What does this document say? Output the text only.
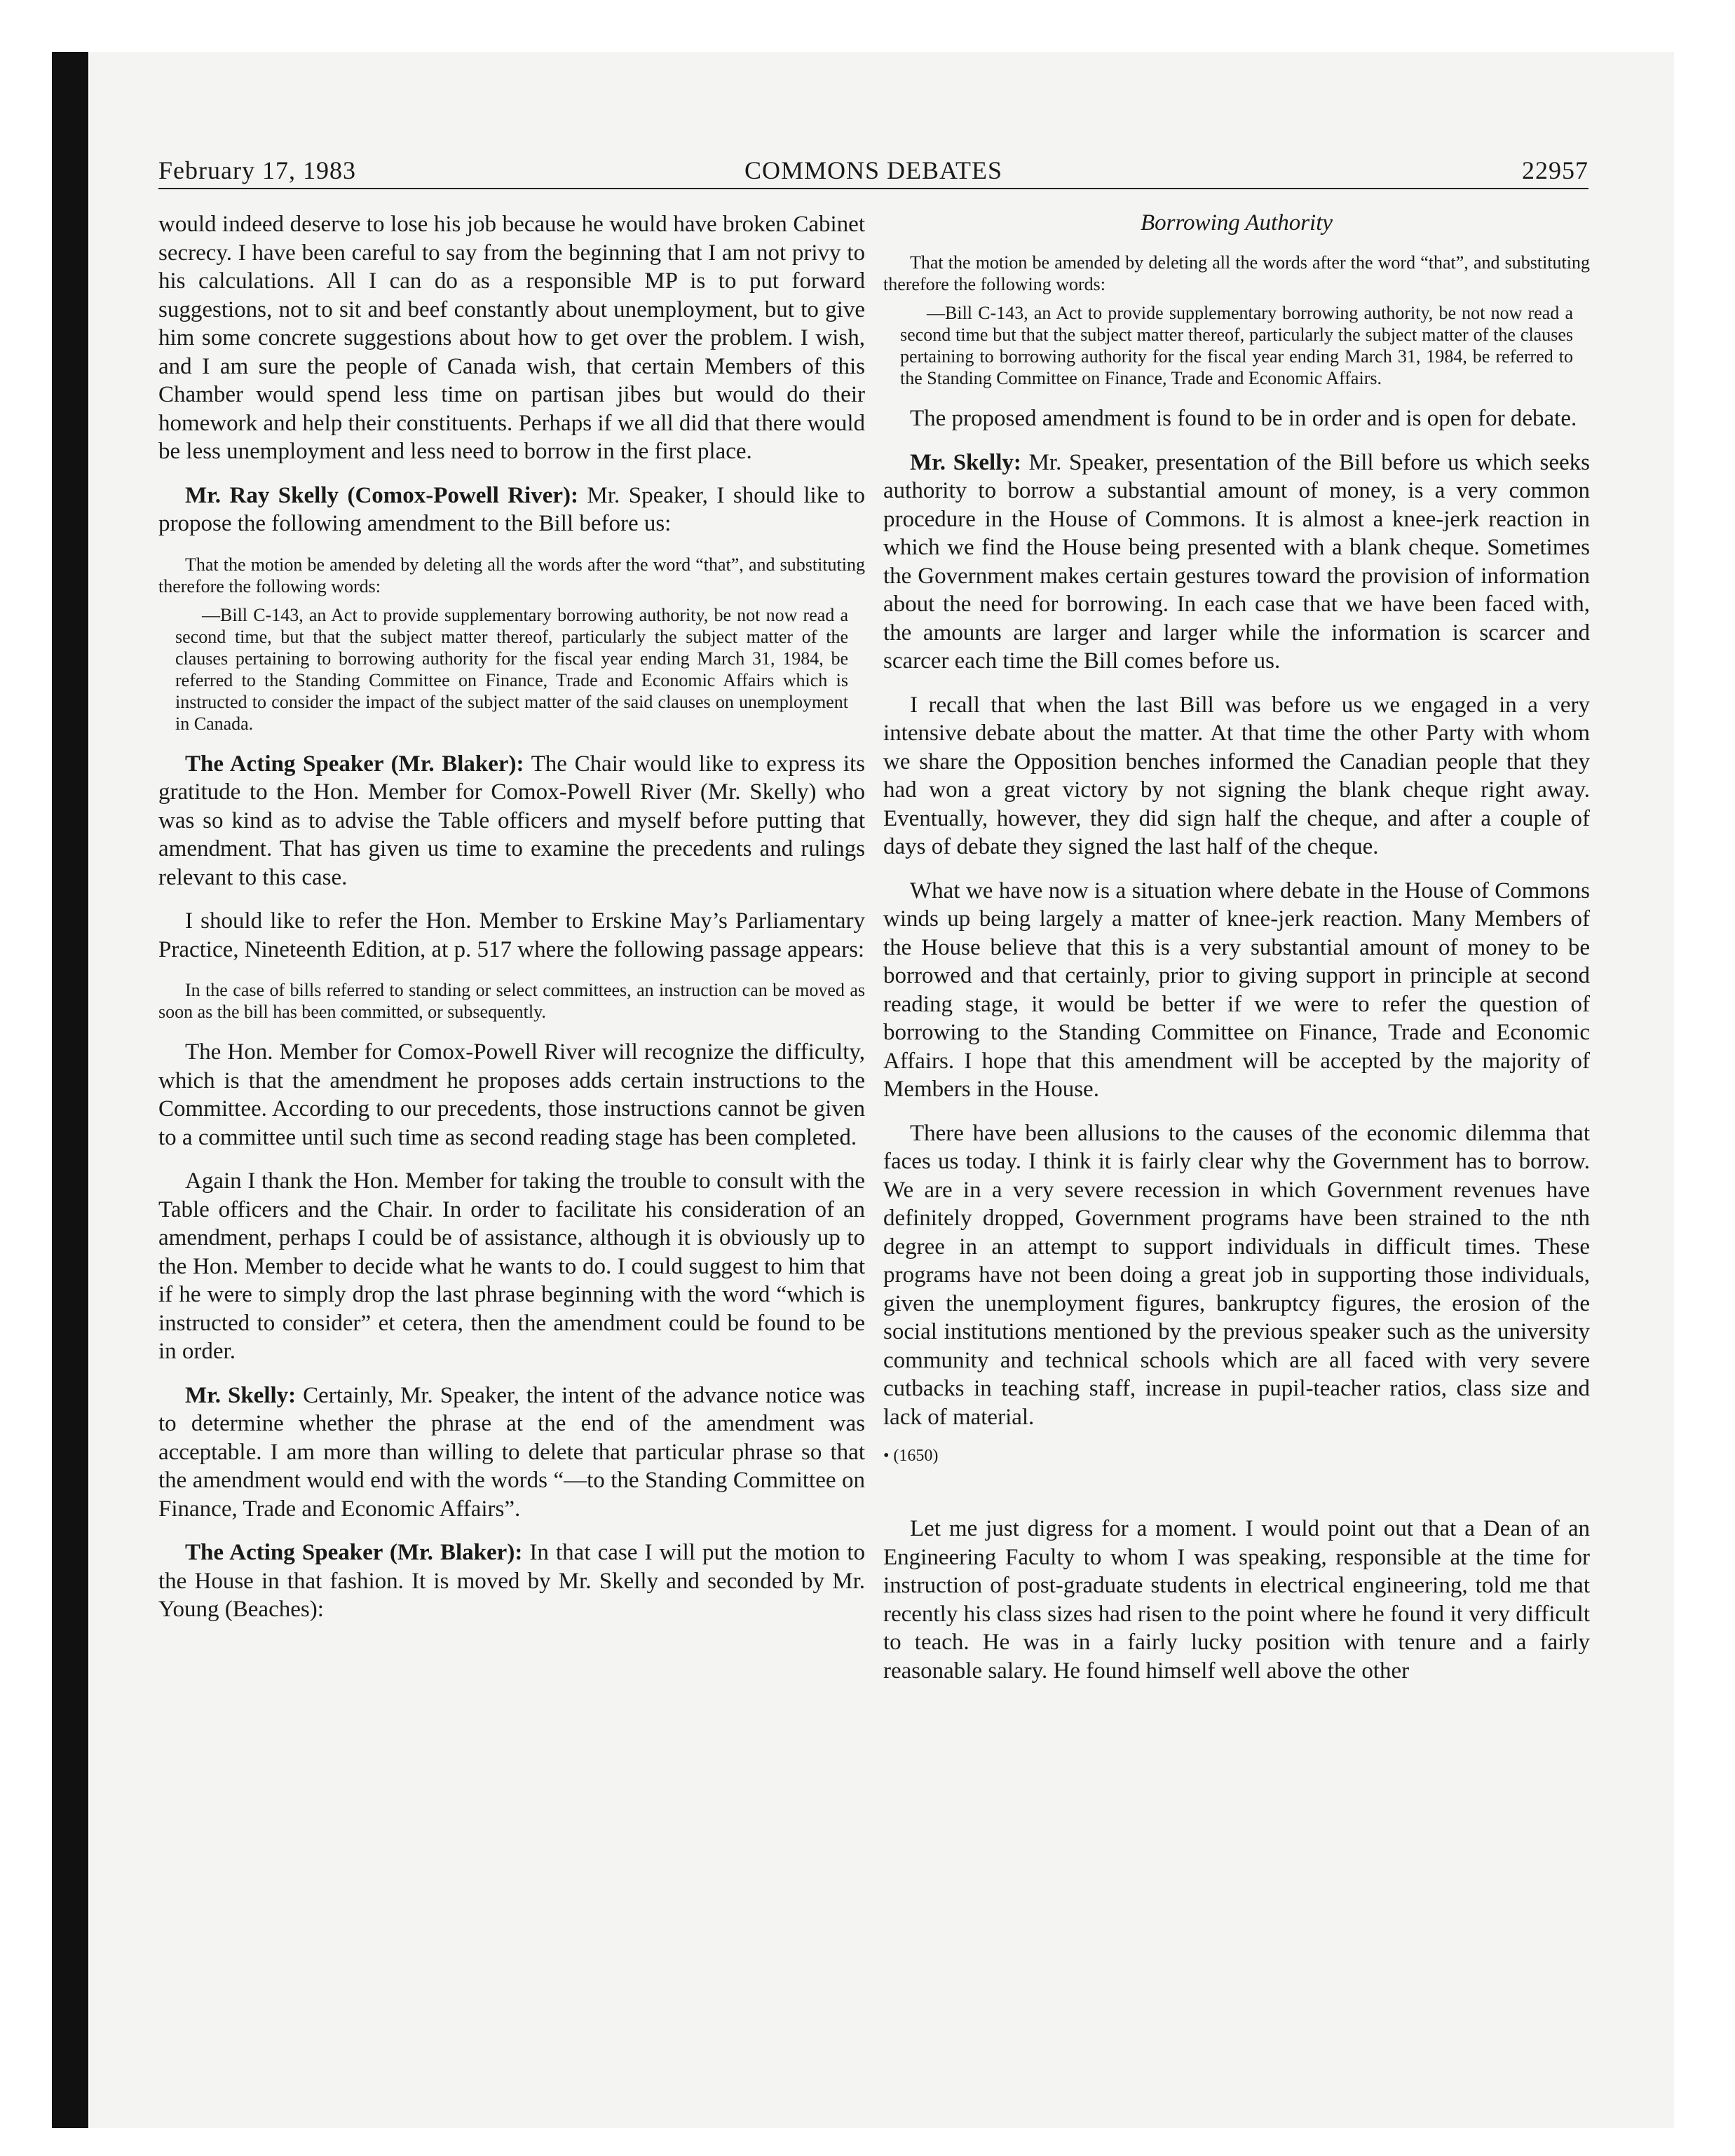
February 17, 1983	COMMONS DEBATES	22957

would indeed deserve to lose his job because he would have broken Cabinet secrecy. I have been careful to say from the beginning that I am not privy to his calculations. All I can do as a responsible MP is to put forward suggestions, not to sit and beef constantly about unemployment, but to give him some concrete suggestions about how to get over the problem. I wish, and I am sure the people of Canada wish, that certain Members of this Chamber would spend less time on partisan jibes but would do their homework and help their constituents. Perhaps if we all did that there would be less unemployment and less need to borrow in the first place.

Mr. Ray Skelly (Comox-Powell River): Mr. Speaker, I should like to propose the following amendment to the Bill before us:

That the motion be amended by deleting all the words after the word “that”, and substituting therefore the following words:

—Bill C-143, an Act to provide supplementary borrowing authority, be not now read a second time, but that the subject matter thereof, particularly the subject matter of the clauses pertaining to borrowing authority for the fiscal year ending March 31, 1984, be referred to the Standing Committee on Finance, Trade and Economic Affairs which is instructed to consider the impact of the subject matter of the said clauses on unemployment in Canada.

The Acting Speaker (Mr. Blaker): The Chair would like to express its gratitude to the Hon. Member for Comox-Powell River (Mr. Skelly) who was so kind as to advise the Table officers and myself before putting that amendment. That has given us time to examine the precedents and rulings relevant to this case.

I should like to refer the Hon. Member to Erskine May’s Parliamentary Practice, Nineteenth Edition, at p. 517 where the following passage appears:

In the case of bills referred to standing or select committees, an instruction can be moved as soon as the bill has been committed, or subsequently.

The Hon. Member for Comox-Powell River will recognize the difficulty, which is that the amendment he proposes adds certain instructions to the Committee. According to our precedents, those instructions cannot be given to a committee until such time as second reading stage has been completed.

Again I thank the Hon. Member for taking the trouble to consult with the Table officers and the Chair. In order to facilitate his consideration of an amendment, perhaps I could be of assistance, although it is obviously up to the Hon. Member to decide what he wants to do. I could suggest to him that if he were to simply drop the last phrase beginning with the word “which is instructed to consider” et cetera, then the amendment could be found to be in order.

Mr. Skelly: Certainly, Mr. Speaker, the intent of the advance notice was to determine whether the phrase at the end of the amendment was acceptable. I am more than willing to delete that particular phrase so that the amendment would end with the words “—to the Standing Committee on Finance, Trade and Economic Affairs”.

The Acting Speaker (Mr. Blaker): In that case I will put the motion to the House in that fashion. It is moved by Mr. Skelly and seconded by Mr. Young (Beaches):

Borrowing Authority

That the motion be amended by deleting all the words after the word “that”, and substituting therefore the following words:

—Bill C-143, an Act to provide supplementary borrowing authority, be not now read a second time but that the subject matter thereof, particularly the subject matter of the clauses pertaining to borrowing authority for the fiscal year ending March 31, 1984, be referred to the Standing Committee on Finance, Trade and Economic Affairs.

The proposed amendment is found to be in order and is open for debate.

Mr. Skelly: Mr. Speaker, presentation of the Bill before us which seeks authority to borrow a substantial amount of money, is a very common procedure in the House of Commons. It is almost a knee-jerk reaction in which we find the House being presented with a blank cheque. Sometimes the Government makes certain gestures toward the provision of information about the need for borrowing. In each case that we have been faced with, the amounts are larger and larger while the information is scarcer and scarcer each time the Bill comes before us.

I recall that when the last Bill was before us we engaged in a very intensive debate about the matter. At that time the other Party with whom we share the Opposition benches informed the Canadian people that they had won a great victory by not signing the blank cheque right away. Eventually, however, they did sign half the cheque, and after a couple of days of debate they signed the last half of the cheque.

What we have now is a situation where debate in the House of Commons winds up being largely a matter of knee-jerk reaction. Many Members of the House believe that this is a very substantial amount of money to be borrowed and that certainly, prior to giving support in principle at second reading stage, it would be better if we were to refer the question of borrowing to the Standing Committee on Finance, Trade and Economic Affairs. I hope that this amendment will be accepted by the majority of Members in the House.

There have been allusions to the causes of the economic dilemma that faces us today. I think it is fairly clear why the Government has to borrow. We are in a very severe recession in which Government revenues have definitely dropped, Government programs have been strained to the nth degree in an attempt to support individuals in difficult times. These programs have not been doing a great job in supporting those individuals, given the unemployment figures, bankruptcy figures, the erosion of the social institutions mentioned by the previous speaker such as the university community and technical schools which are all faced with very severe cutbacks in teaching staff, increase in pupil-teacher ratios, class size and lack of material.

• (1650)

Let me just digress for a moment. I would point out that a Dean of an Engineering Faculty to whom I was speaking, responsible at the time for instruction of post-graduate students in electrical engineering, told me that recently his class sizes had risen to the point where he found it very difficult to teach. He was in a fairly lucky position with tenure and a fairly reasonable salary. He found himself well above the other
